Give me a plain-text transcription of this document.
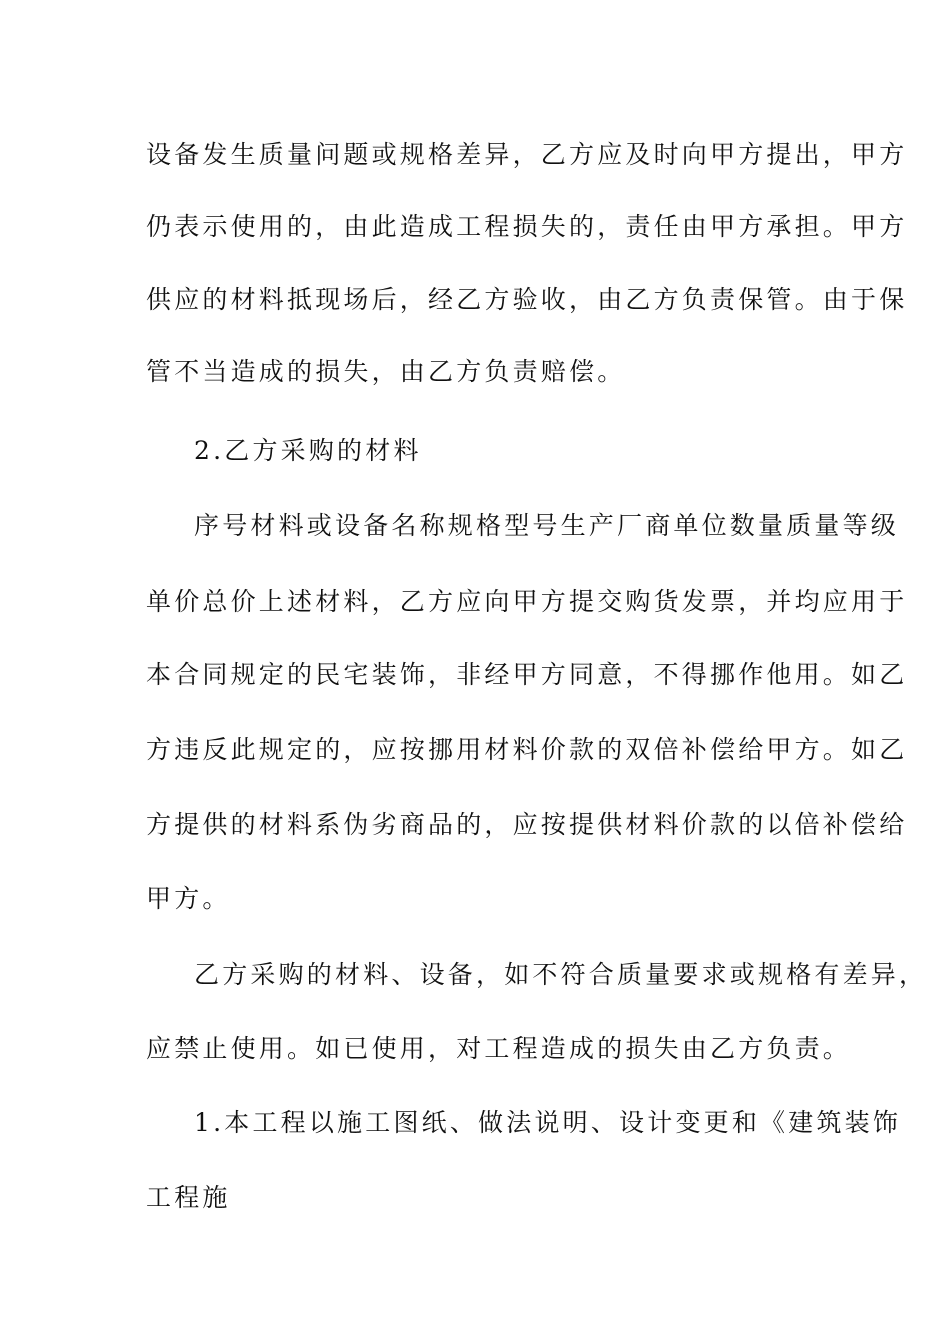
设备发生质量问题或规格差异，乙方应及时向甲方提出，甲方
仍表示使用的，由此造成工程损失的，责任由甲方承担。甲方
供应的材料抵现场后，经乙方验收，由乙方负责保管。由于保
管不当造成的损失，由乙方负责赔偿。
2.乙方采购的材料
序号材料或设备名称规格型号生产厂商单位数量质量等级
单价总价上述材料，乙方应向甲方提交购货发票，并均应用于
本合同规定的民宅装饰，非经甲方同意，不得挪作他用。如乙
方违反此规定的，应按挪用材料价款的双倍补偿给甲方。如乙
方提供的材料系伪劣商品的，应按提供材料价款的以倍补偿给
甲方。
乙方采购的材料、设备，如不符合质量要求或规格有差异，
应禁止使用。如已使用，对工程造成的损失由乙方负责。
1.本工程以施工图纸、做法说明、设计变更和《建筑装饰
工程施
